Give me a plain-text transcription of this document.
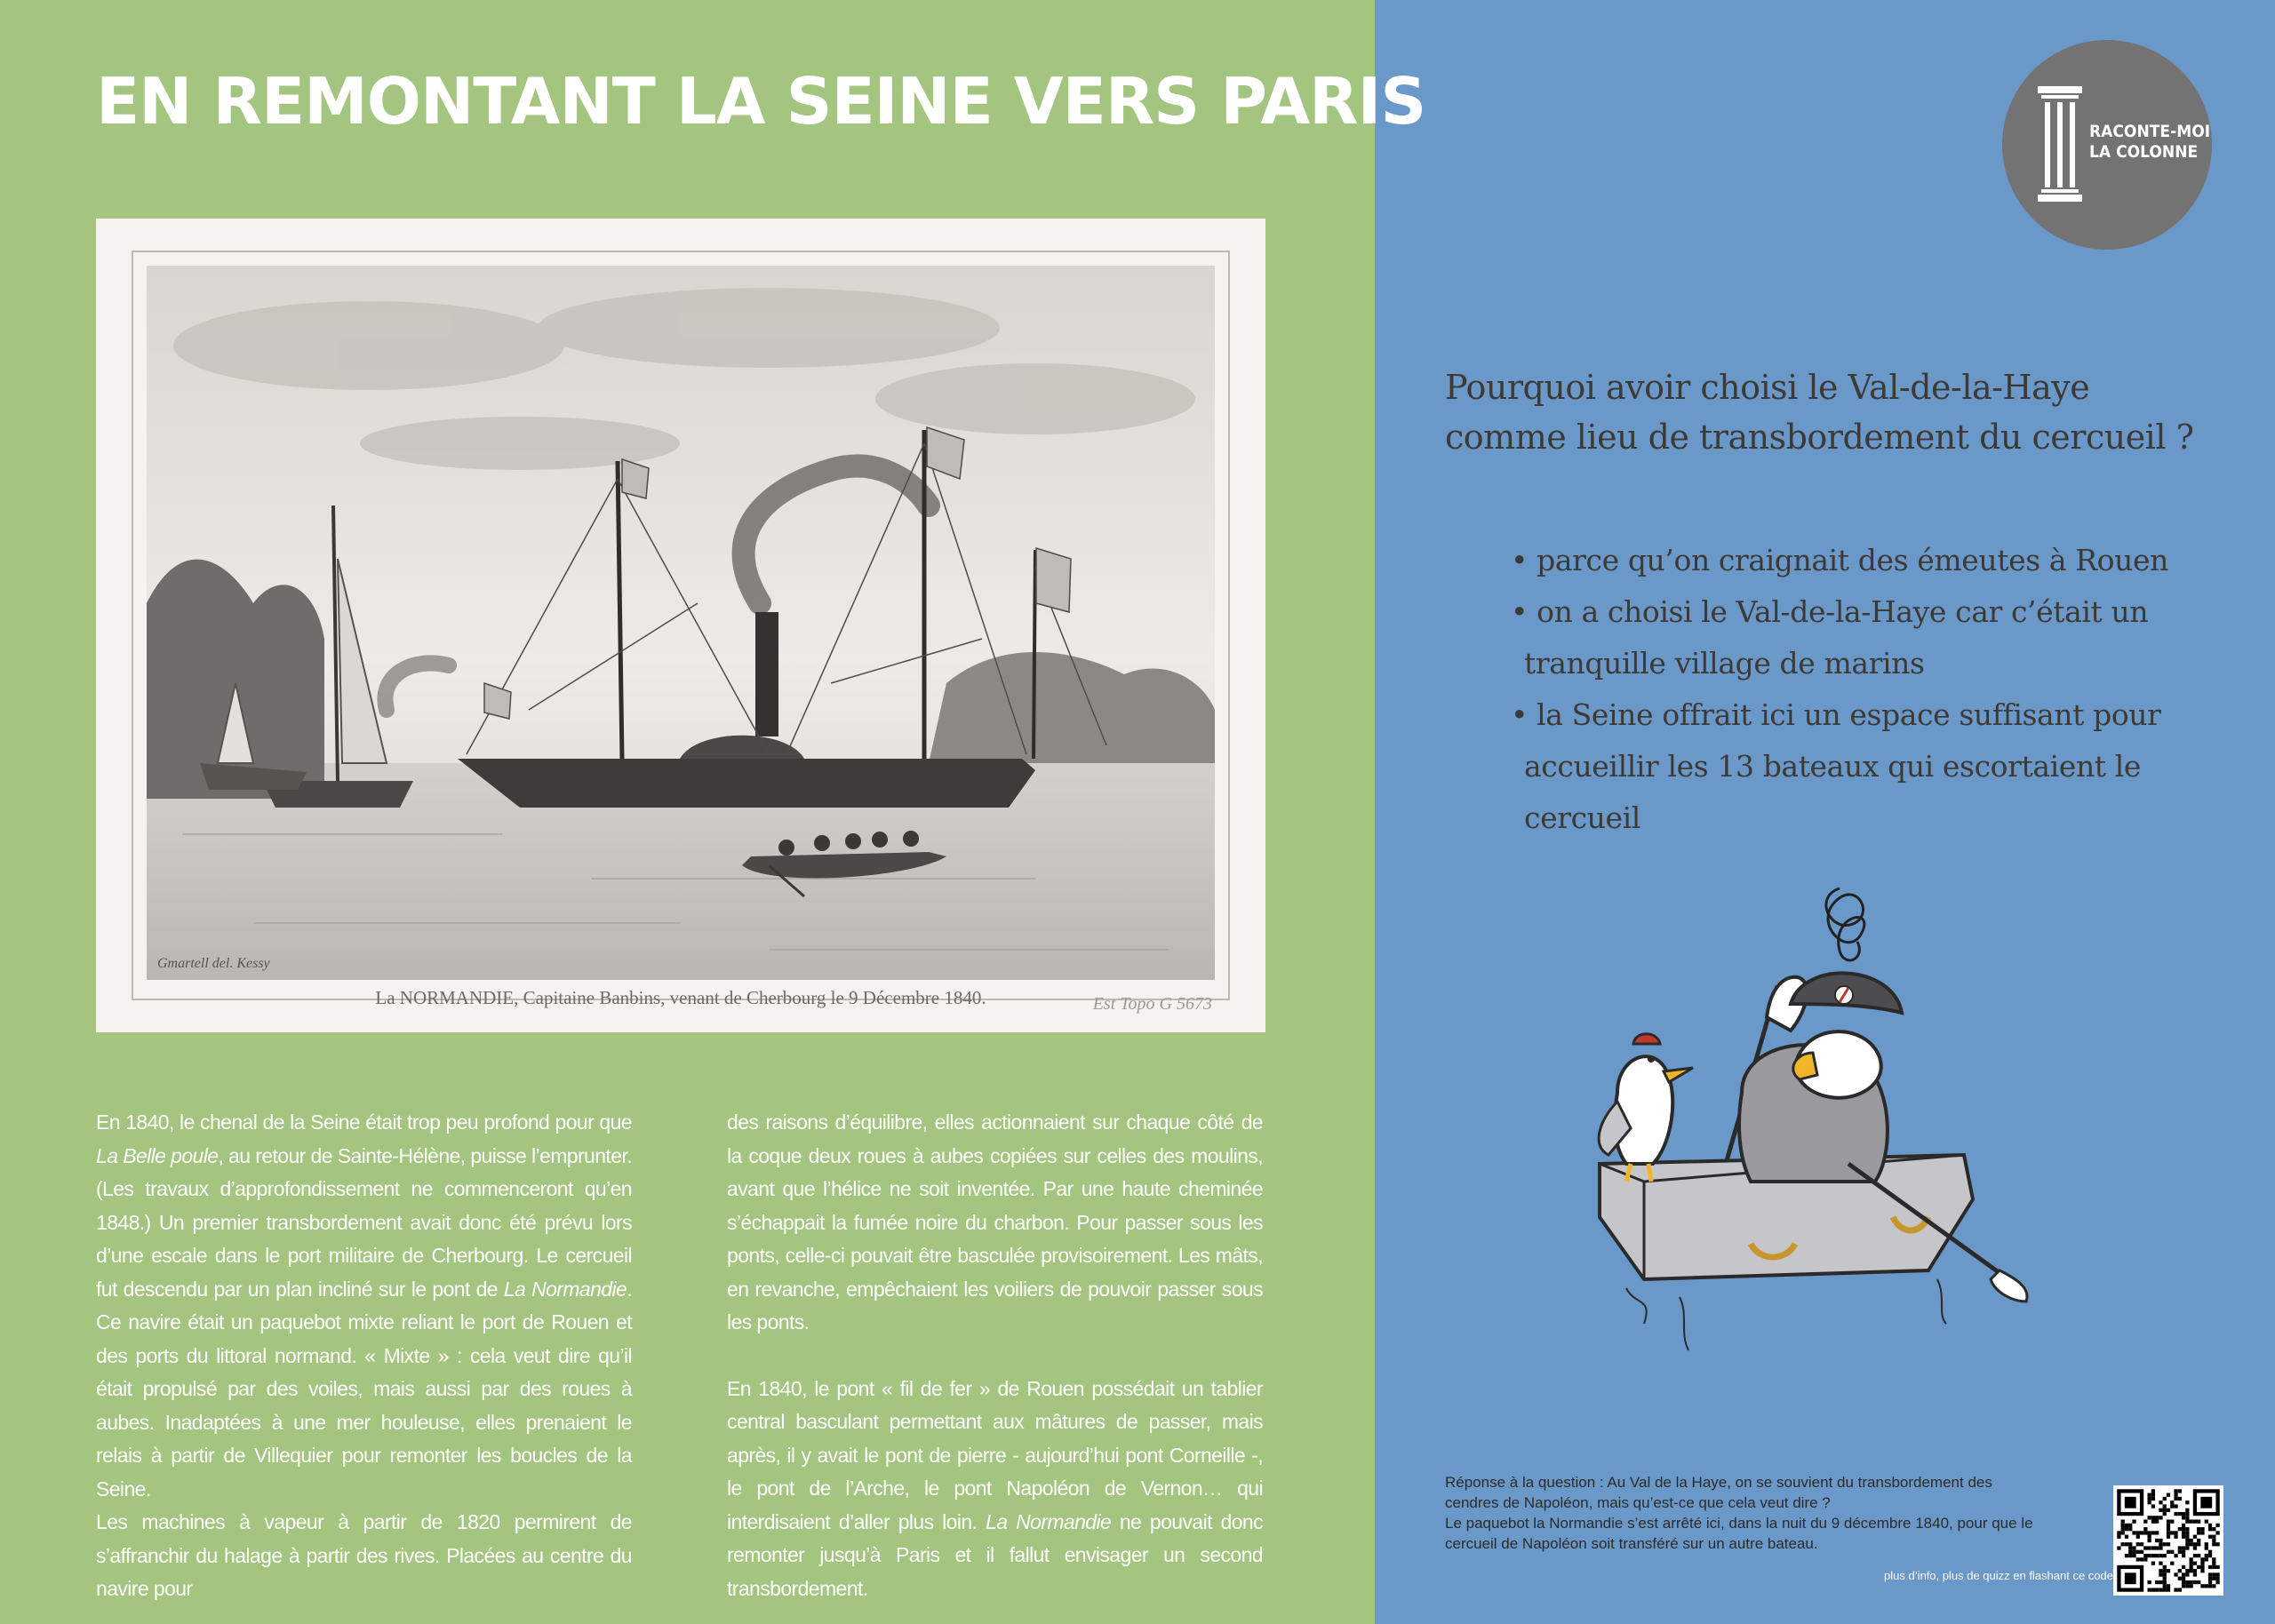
EN REMONTANT LA SEINE VERS PARIS
Gmartell del. Kessy
La NORMANDIE, Capitaine Banbins, venant de Cherbourg le 9 Décembre 1840.	Est Topo G 5673

En 1840, le chenal de la Seine était trop peu profond pour que La Belle poule, au retour de Sainte-Hélène, puisse l’emprunter. (Les travaux d’approfondissement ne commenceront qu’en 1848.) Un premier transbordement avait donc été prévu lors d’une escale dans le port militaire de Cherbourg. Le cercueil fut descendu par un plan incliné sur le pont de La Normandie. Ce navire était un paquebot mixte reliant le port de Rouen et des ports du littoral normand. « Mixte » : cela veut dire qu’il était propulsé par des voiles, mais aussi par des roues à aubes. Inadaptées à une mer houleuse, elles prenaient le relais à partir de Villequier pour remonter les boucles de la Seine.

Les machines à vapeur à partir de 1820 permirent de s’affranchir du halage à partir des rives. Placées au centre du navire pour

des raisons d’équilibre, elles actionnaient sur chaque côté de la coque deux roues à aubes copiées sur celles des moulins, avant que l’hélice ne soit inventée. Par une haute cheminée s’échappait la fumée noire du charbon. Pour passer sous les ponts, celle-ci pouvait être basculée provisoirement. Les mâts, en revanche, empêchaient les voiliers de pouvoir passer sous les ponts.

En 1840, le pont « fil de fer » de Rouen possédait un tablier central basculant permettant aux mâtures de passer, mais après, il y avait le pont de pierre - aujourd’hui pont Corneille -, le pont de l’Arche, le pont Napoléon de Vernon… qui interdisaient d’aller plus loin. La Normandie ne pouvait donc remonter jusqu’à Paris et il fallut envisager un second transbordement.

RACONTE-MOI
LA COLONNE
Pourquoi avoir choisi le Val-de-la-Haye
comme lieu de transbordement du cercueil ?
• parce qu’on craignait des émeutes à Rouen
• on a choisi le Val-de-la-Haye car c’était un
tranquille village de marins
• la Seine offrait ici un espace suffisant pour
accueillir les 13 bateaux qui escortaient le
cercueil
Réponse à la question : Au Val de la Haye, on se souvient du transbordement des
cendres de Napoléon, mais qu’est-ce que cela veut dire ?
Le paquebot la Normandie s’est arrêté ici, dans la nuit du 9 décembre 1840, pour que le
cercueil de Napoléon soit transféré sur un autre bateau.
plus d’info, plus de quizz en flashant ce code
